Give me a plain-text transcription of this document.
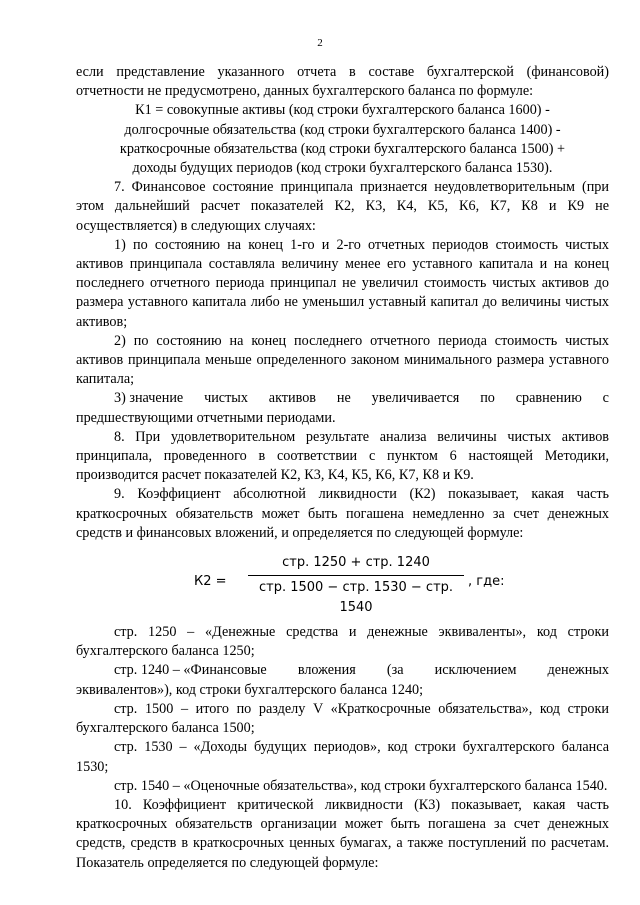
2

если представление указанного отчета в составе бухгалтерской (финансовой) отчетности не предусмотрено, данных бухгалтерского баланса по формуле:

К1 = совокупные активы (код строки бухгалтерского баланса 1600) -

долгосрочные обязательства (код строки бухгалтерского баланса 1400) -

краткосрочные обязательства (код строки бухгалтерского баланса 1500) +

доходы будущих периодов (код строки бухгалтерского баланса 1530).

7. Финансовое состояние принципала признается неудовлетворительным (при этом дальнейший расчет показателей К2, К3, К4, К5, К6, К7, К8 и К9 не осуществляется) в следующих случаях:

1) по состоянию на конец 1-го и 2-го отчетных периодов стоимость чистых активов принципала составляла величину менее его уставного капитала и на конец последнего отчетного периода принципал не увеличил стоимость чистых активов до размера уставного капитала либо не уменьшил уставный капитал до величины чистых активов;

2) по состоянию на конец последнего отчетного периода стоимость чистых активов принципала меньше определенного законом минимального размера уставного капитала;

3) значение чистых активов не увеличивается по сравнению с

предшествующими отчетными периодами.

8. При удовлетворительном результате анализа величины чистых активов принципала, проведенного в соответствии с пунктом 6 настоящей Методики, производится расчет показателей К2, К3, К4, К5, К6, К7, К8 и К9.

9. Коэффициент абсолютной ликвидности (К2) показывает, какая часть краткосрочных обязательств может быть погашена немедленно за счет денежных средств и финансовых вложений, и определяется по следующей формуле:

К2 =
стр. 1250 + стр. 1240
стр. 1500 − стр. 1530 − стр. 1540
, где:

стр. 1250 – «Денежные средства и денежные эквиваленты», код строки бухгалтерского баланса 1250;

стр. 1240 – «Финансовые вложения (за исключением денежных

эквивалентов»), код строки бухгалтерского баланса 1240;

стр. 1500 – итого по разделу V «Краткосрочные обязательства», код строки бухгалтерского баланса 1500;

стр. 1530 – «Доходы будущих периодов», код строки бухгалтерского баланса 1530;

стр. 1540 – «Оценочные обязательства», код строки бухгалтерского баланса 1540.

10. Коэффициент критической ликвидности (К3) показывает, какая часть краткосрочных обязательств организации может быть погашена за счет денежных средств, средств в краткосрочных ценных бумагах, а также поступлений по расчетам. Показатель определяется по следующей формуле:
